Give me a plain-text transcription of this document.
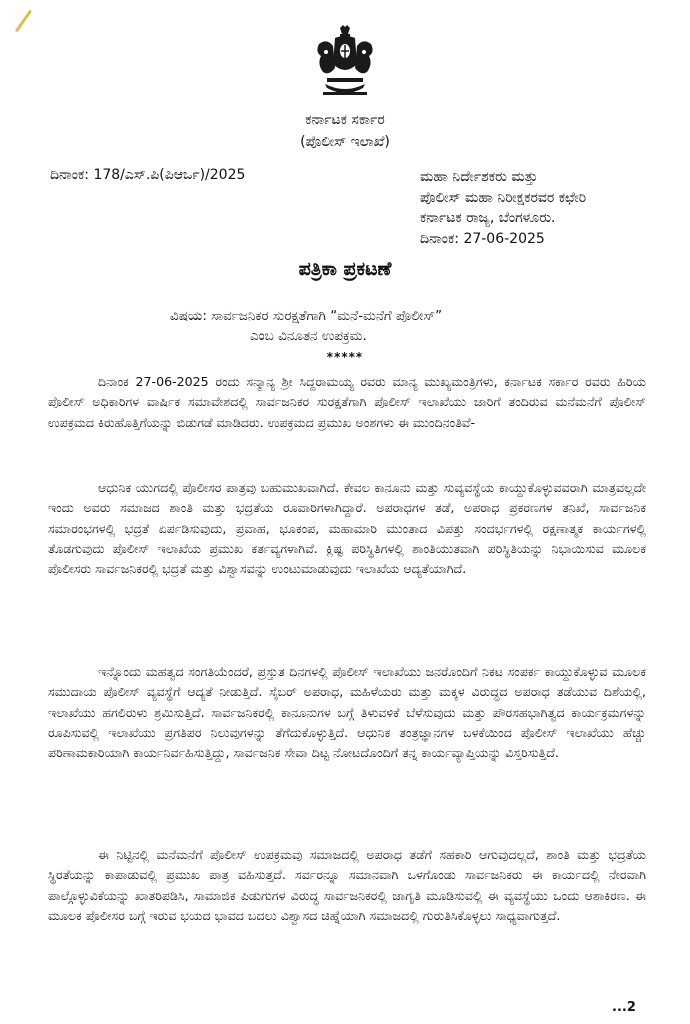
ಕರ್ನಾಟಕ ಸರ್ಕಾರ
(ಪೊಲೀಸ್ ಇಲಾಖೆ)
ದಿನಾಂಕ: 178/ಎಸ್.ಪಿ(ಪಿಆರ್ಒ)/2025	ಮಹಾ ನಿರ್ದೇಶಕರು ಮತ್ತು
ಪೊಲೀಸ್ ಮಹಾ ನಿರೀಕ್ಷಕರವರ ಕಛೇರಿ
ಕರ್ನಾಟಕ ರಾಜ್ಯ, ಬೆಂಗಳೂರು.
ದಿನಾಂಕ: 27-06-2025
ಪತ್ರಿಕಾ ಪ್ರಕಟಣೆ
ವಿಷಯ: ಸಾರ್ವಜನಿಕರ ಸುರಕ್ಷತೆಗಾಗಿ “ಮನೆ-ಮನೆಗೆ ಪೊಲೀಸ್”
ಎಂಬ ವಿನೂತನ ಉಪಕ್ರಮ.
*****
ದಿನಾಂಕ 27-06-2025 ರಂದು ಸನ್ಮಾನ್ಯ ಶ್ರೀ ಸಿದ್ದರಾಮಯ್ಯ ರವರು ಮಾನ್ಯ ಮುಖ್ಯಮಂತ್ರಿಗಳು, ಕರ್ನಾಟಕ ಸರ್ಕಾರ ರವರು ಹಿರಿಯ ಪೊಲೀಸ್ ಅಧಿಕಾರಿಗಳ ವಾರ್ಷಿಕ ಸಮಾವೇಶದಲ್ಲಿ ಸಾರ್ವಜನಿಕರ ಸುರಕ್ಷತೆಗಾಗಿ ಪೊಲೀಸ್ ಇಲಾಖೆಯು ಜಾರಿಗೆ ತಂದಿರುವ ಮನೆಮನೆಗೆ ಪೊಲೀಸ್ ಉಪಕ್ರಮದ ಕಿರುಹೊತ್ತಿಗೆಯನ್ನು ಬಿಡುಗಡೆ ಮಾಡಿದರು. ಉಪಕ್ರಮದ ಪ್ರಮುಖ ಅಂಶಗಳು ಈ ಮುಂದಿನಂತಿವೆ-
ಆಧುನಿಕ ಯುಗದಲ್ಲಿ ಪೊಲೀಸರ ಪಾತ್ರವು ಬಹುಮುಖವಾಗಿದೆ. ಕೇವಲ ಕಾನೂನು ಮತ್ತು ಸುವ್ಯವಸ್ಥೆಯ ಕಾಯ್ದುಕೊಳ್ಳುವವರಾಗಿ ಮಾತ್ರವಲ್ಲದೇ ಇಂದು ಅವರು ಸಮಾಜದ ಶಾಂತಿ ಮತ್ತು ಭದ್ರತೆಯ ರೂವಾರಿಗಳಾಗಿದ್ದಾರೆ. ಅಪರಾಧಗಳ ತಡೆ, ಅಪರಾಧ ಪ್ರಕರಣಗಳ ತನಿಖೆ, ಸಾರ್ವಜನಿಕ ಸಮಾರಂಭಗಳಲ್ಲಿ ಭದ್ರತೆ ಏರ್ಪಡಿಸುವುದು, ಪ್ರವಾಹ, ಭೂಕಂಪ, ಮಹಾಮಾರಿ ಮುಂತಾದ ವಿಪತ್ತು ಸಂದರ್ಭಗಳಲ್ಲಿ ರಕ್ಷಣಾತ್ಮಕ ಕಾರ್ಯಗಳಲ್ಲಿ ತೊಡಗುವುದು ಪೊಲೀಸ್ ಇಲಾಖೆಯ ಪ್ರಮುಖ ಕರ್ತವ್ಯಗಳಾಗಿವೆ. ಕ್ಲಿಷ್ಟ ಪರಿಸ್ಥಿತಿಗಳಲ್ಲಿ ಶಾಂತಿಯುತವಾಗಿ ಪರಿಸ್ಥಿತಿಯನ್ನು ನಿಭಾಯಿಸುವ ಮೂಲಕ ಪೊಲೀಸರು ಸಾರ್ವಜನಿಕರಲ್ಲಿ ಭದ್ರತೆ ಮತ್ತು ವಿಶ್ವಾಸವನ್ನು ಉಂಟುಮಾಡುವುದು ಇಲಾಖೆಯ ಆದ್ಯತೆಯಾಗಿದೆ.
ಇನ್ನೊಂದು ಮಹತ್ವದ ಸಂಗತಿಯೆಂದರೆ, ಪ್ರಸ್ತುತ ದಿನಗಳಲ್ಲಿ ಪೊಲೀಸ್ ಇಲಾಖೆಯು ಜನರೊಂದಿಗೆ ನಿಕಟ ಸಂಪರ್ಕ ಕಾಯ್ದುಕೊಳ್ಳುವ ಮೂಲಕ ಸಮುದಾಯ ಪೊಲೀಸ್ ವ್ಯವಸ್ಥೆಗೆ ಆದ್ಯತೆ ನೀಡುತ್ತಿದೆ. ಸೈಬರ್ ಅಪರಾಧ, ಮಹಿಳೆಯರು ಮತ್ತು ಮಕ್ಕಳ ವಿರುದ್ಧದ ಅಪರಾಧ ತಡೆಯುವ ದಿಶೆಯಲ್ಲಿ, ಇಲಾಖೆಯು ಹಗಲಿರುಳು ಶ್ರಮಿಸುತ್ತಿದೆ. ಸಾರ್ವಜನಿಕರಲ್ಲಿ ಕಾನೂನುಗಳ ಬಗ್ಗೆ ತಿಳುವಳಿಕೆ ಬೆಳೆಸುವುದು ಮತ್ತು ಪೌರಸಹಭಾಗಿತ್ವದ ಕಾರ್ಯಕ್ರಮಗಳನ್ನು ರೂಪಿಸುವಲ್ಲಿ ಇಲಾಖೆಯು ಪ್ರಗತಿಪರ ನಿಲುವುಗಳನ್ನು ತೆಗೆದುಕೊಳ್ಳುತ್ತಿದೆ. ಆಧುನಿಕ ತಂತ್ರಜ್ಞಾನಗಳ ಬಳಕೆಯಿಂದ ಪೊಲೀಸ್ ಇಲಾಖೆಯು ಹೆಚ್ಚು ಪರಿಣಾಮಕಾರಿಯಾಗಿ ಕಾರ್ಯನಿರ್ವಹಿಸುತ್ತಿದ್ದು, ಸಾರ್ವಜನಿಕ ಸೇವಾ ದಿಟ್ಟ ನೋಟದೊಂದಿಗೆ ತನ್ನ ಕಾರ್ಯವ್ಯಾಪ್ತಿಯನ್ನು ವಿಸ್ತರಿಸುತ್ತಿದೆ.
ಈ ನಿಟ್ಟಿನಲ್ಲಿ ಮನೆಮನೆಗೆ ಪೊಲೀಸ್ ಉಪಕ್ರಮವು ಸಮಾಜದಲ್ಲಿ ಅಪರಾಧ ತಡೆಗೆ ಸಹಕಾರಿ ಆಗುವುದಲ್ಲದೆ, ಶಾಂತಿ ಮತ್ತು ಭದ್ರತೆಯ ಸ್ಥಿರತೆಯನ್ನು ಕಾಪಾಡುವಲ್ಲಿ ಪ್ರಮುಖ ಪಾತ್ರ ವಹಿಸುತ್ತದೆ. ಸರ್ವರನ್ನೂ ಸಮಾನವಾಗಿ ಒಳಗೊಂಡು ಸಾರ್ವಜನಿಕರು ಈ ಕಾರ್ಯದಲ್ಲಿ ನೇರವಾಗಿ ಪಾಲ್ಗೊಳ್ಳುವಿಕೆಯನ್ನು ಖಾತರಿಪಡಿಸಿ, ಸಾಮಾಜಿಕ ಪಿಡುಗುಗಳ ವಿರುದ್ಧ ಸಾರ್ವಜನಿಕರಲ್ಲಿ ಜಾಗೃತಿ ಮೂಡಿಸುವಲ್ಲಿ ಈ ವ್ಯವಸ್ಥೆಯು ಒಂದು ಆಶಾಕಿರಣ. ಈ ಮೂಲಕ ಪೊಲೀಸರ ಬಗ್ಗೆ ಇರುವ ಭಯದ ಭಾವದ ಬದಲು ವಿಶ್ವಾಸದ ಚಿಹ್ನೆಯಾಗಿ ಸಮಾಜದಲ್ಲಿ ಗುರುತಿಸಿಕೊಳ್ಳಲು ಸಾಧ್ಯವಾಗುತ್ತದೆ.
...2
